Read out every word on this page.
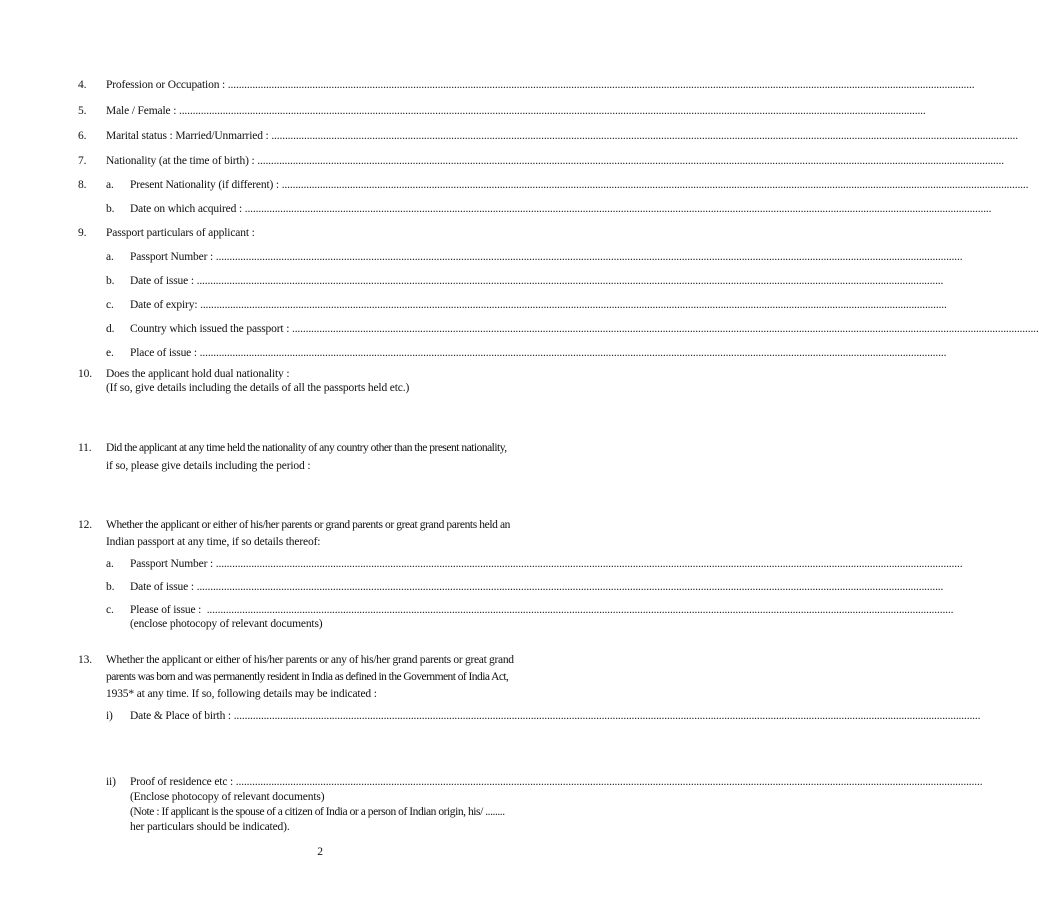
4. Profession or Occupation : ..................................................................................................................................................................................................................................................................................
5. Male / Female : ..................................................................................................................................................................................................................................................................................
6. Marital status : Married/Unmarried : ..................................................................................................................................................................................................................................................................................
7. Nationality (at the time of birth) : ..................................................................................................................................................................................................................................................................................
8. a. Present Nationality (if different) : ..................................................................................................................................................................................................................................................................................
b. Date on which acquired : ..................................................................................................................................................................................................................................................................................
9. Passport particulars of applicant :
a. Passport Number : ..................................................................................................................................................................................................................................................................................
b. Date of issue : ..................................................................................................................................................................................................................................................................................
c. Date of expiry: ..................................................................................................................................................................................................................................................................................
d. Country which issued the passport : ..................................................................................................................................................................................................................................................................................
e. Place of issue : ..................................................................................................................................................................................................................................................................................
10. Does the applicant hold dual nationality :
(If so, give details including the details of all the passports held etc.)
11. Did the applicant at any time held the nationality of any country other than the present nationality,
if so, please give details including the period :
12. Whether the applicant or either of his/her parents or grand parents or great grand parents held an
Indian passport at any time, if so details thereof:
a. Passport Number : ..................................................................................................................................................................................................................................................................................
b. Date of issue : ..................................................................................................................................................................................................................................................................................
c. Please of issue : ..................................................................................................................................................................................................................................................................................
(enclose photocopy of relevant documents)
13. Whether the applicant or either of his/her parents or any of his/her grand parents or great grand
parents was born and was permanently resident in India as defined in the Government of India Act,
1935* at any time. If so, following details may be indicated :
i) Date & Place of birth : ..................................................................................................................................................................................................................................................................................
ii) Proof of residence etc : ..................................................................................................................................................................................................................................................................................
(Enclose photocopy of relevant documents)
(Note : If applicant is the spouse of a citizen of India or a person of Indian origin, his/ ........
her particulars should be indicated).
2
